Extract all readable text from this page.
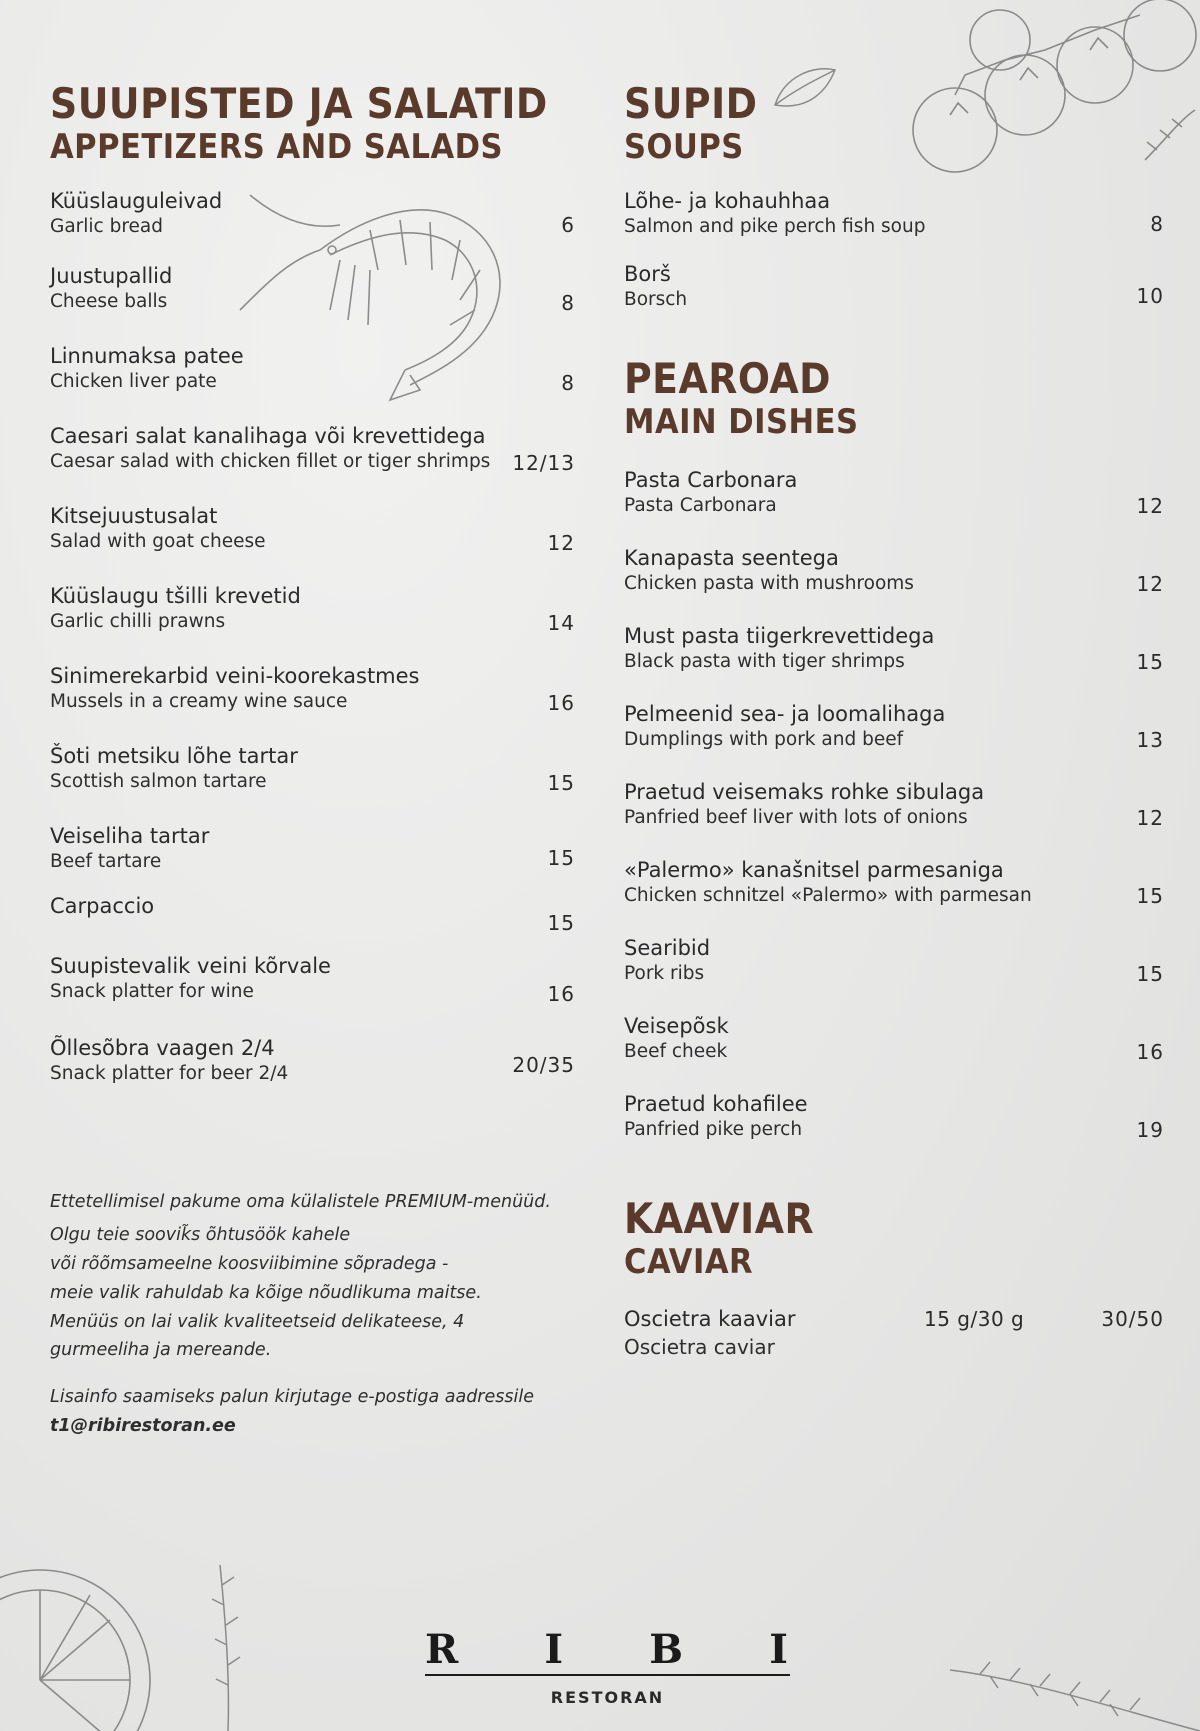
SUUPISTED JA SALATID
APPETIZERS AND SALADS
Küüslauguleivad
Garlic bread	6
Juustupallid
Cheese balls	8
Linnumaksa patee
Chicken liver pate	8
Caesari salat kanalihaga või krevettidega
Caesar salad with chicken fillet or tiger shrimps	12/13
Kitsejuustusalat
Salad with goat cheese	12
Küüslaugu tšilli krevetid
Garlic chilli prawns	14
Sinimerekarbid veini-koorekastmes
Mussels in a creamy wine sauce	16
Šoti metsiku lõhe tartar
Scottish salmon tartare	15
Veiseliha tartar
Beef tartare	15
Carpaccio
15
Suupistevalik veini kõrvale
Snack platter for wine	16
Õllesõbra vaagen 2/4
Snack platter for beer 2/4	20/35
Ettetellimisel pakume oma külalistele PREMIUM-menüüd.
Olgu teie soovik̃s õhtusöök kahele
või rõõmsameelne koosviibimine sõpradega -
meie valik rahuldab ka kõige nõudlikuma maitse.
Menüüs on lai valik kvaliteetseid delikateese, 4
gurmeeliha ja mereande.
Lisainfo saamiseks palun kirjutage e-postiga aadressile
t1@ribirestoran.ee
SUPID
SOUPS
Lõhe- ja kohauhhaa
Salmon and pike perch fish soup	8
Borš
Borsch	10
PEAROAD
MAIN DISHES
Pasta Carbonara
Pasta Carbonara	12
Kanapasta seentega
Chicken pasta with mushrooms	12
Must pasta tiigerkrevettidega
Black pasta with tiger shrimps	15
Pelmeenid sea- ja loomalihaga
Dumplings with pork and beef	13
Praetud veisemaks rohke sibulaga
Panfried beef liver with lots of onions	12
«Palermo» kanašnitsel parmesaniga
Chicken schnitzel «Palermo» with parmesan	15
Searibid
Pork ribs	15
Veisepõsk
Beef cheek	16
Praetud kohafilee
Panfried pike perch	19
KAAVIAR
CAVIAR
Oscietra kaaviar
Oscietra caviar
15 g/30 g	30/50
R I B I
RESTORAN
